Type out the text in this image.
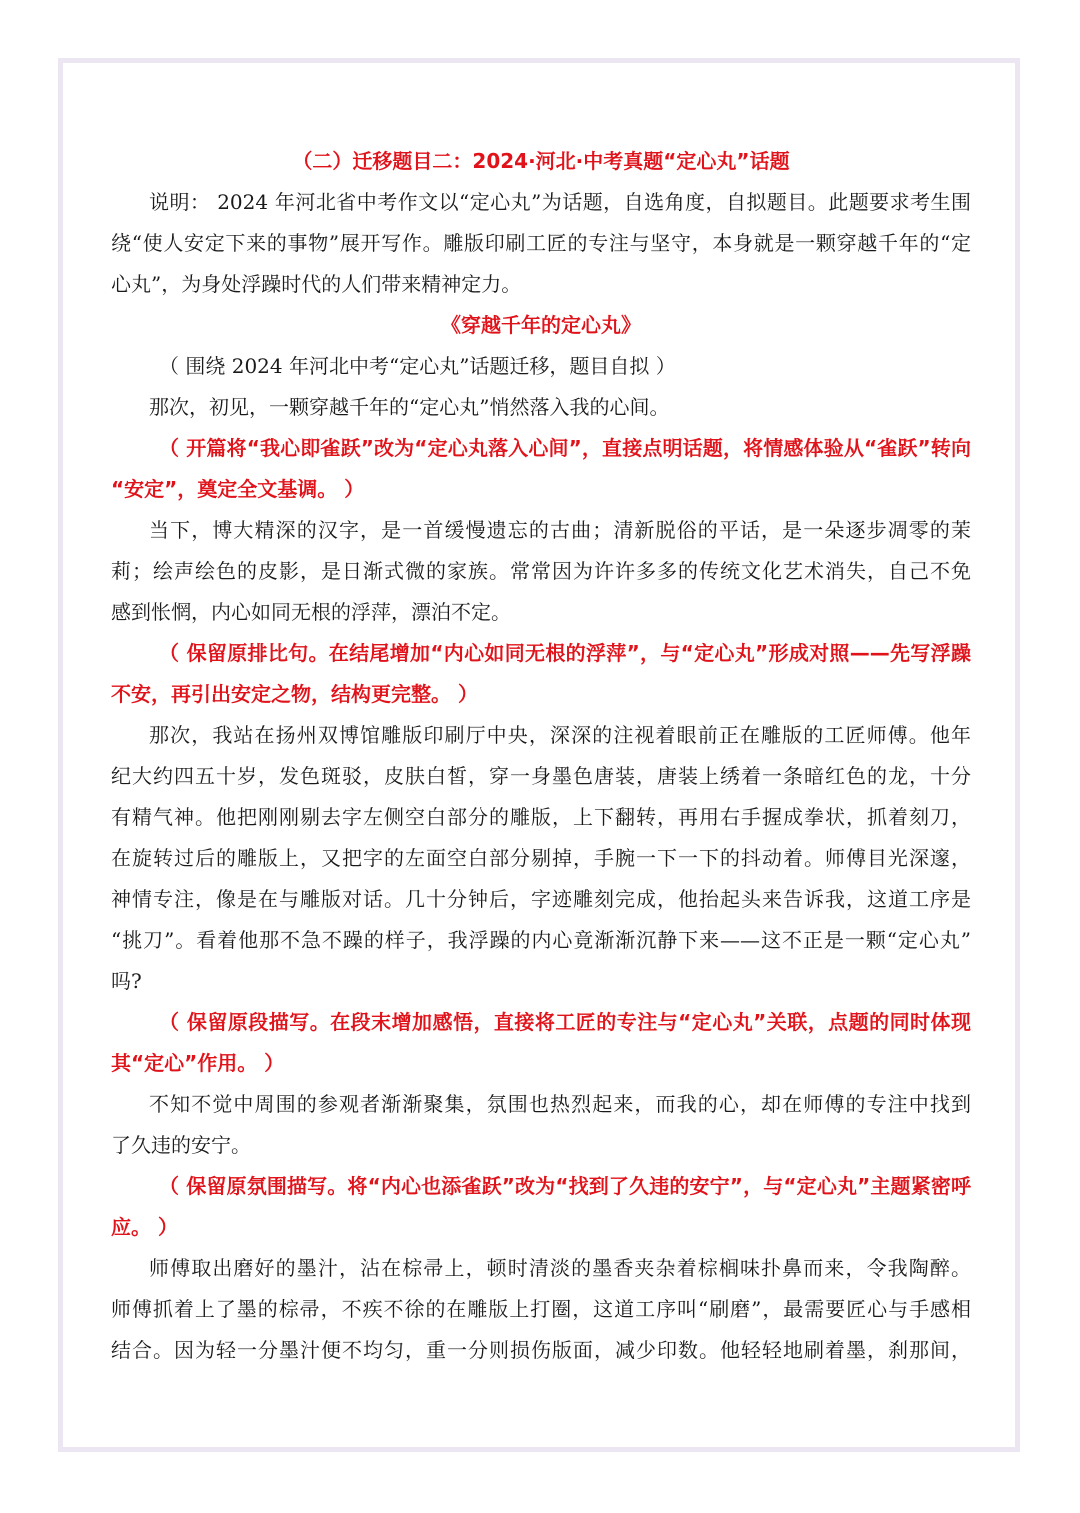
（二）迁移题目二：2024·河北·中考真题“定心丸”话题
说明： 2024 年河北省中考作文以“定心丸”为话题，自选角度，自拟题目。此题要求考生围
绕“使人安定下来的事物”展开写作。雕版印刷工匠的专注与坚守，本身就是一颗穿越千年的“定
心丸”，为身处浮躁时代的人们带来精神定力。
《穿越千年的定心丸》
（ 围绕 2024 年河北中考“定心丸”话题迁移，题目自拟 ）
那次，初见，一颗穿越千年的“定心丸”悄然落入我的心间。
（ 开篇将“我心即雀跃”改为“定心丸落入心间”，直接点明话题，将情感体验从“雀跃”转向
“安定”，奠定全文基调。 ）
当下，博大精深的汉字，是一首缓慢遗忘的古曲；清新脱俗的平话，是一朵逐步凋零的茉
莉；绘声绘色的皮影，是日渐式微的家族。常常因为许许多多的传统文化艺术消失，自己不免
感到怅惘，内心如同无根的浮萍，漂泊不定。
（ 保留原排比句。在结尾增加“内心如同无根的浮萍”，与“定心丸”形成对照——先写浮躁
不安，再引出安定之物，结构更完整。 ）
那次，我站在扬州双博馆雕版印刷厅中央，深深的注视着眼前正在雕版的工匠师傅。他年
纪大约四五十岁，发色斑驳，皮肤白皙，穿一身墨色唐装，唐装上绣着一条暗红色的龙，十分
有精气神。他把刚刚剔去字左侧空白部分的雕版，上下翻转，再用右手握成拳状，抓着刻刀，
在旋转过后的雕版上，又把字的左面空白部分剔掉，手腕一下一下的抖动着。师傅目光深邃，
神情专注，像是在与雕版对话。几十分钟后，字迹雕刻完成，他抬起头来告诉我，这道工序是
“挑刀”。看着他那不急不躁的样子，我浮躁的内心竟渐渐沉静下来——这不正是一颗“定心丸”
吗?
（ 保留原段描写。在段末增加感悟，直接将工匠的专注与“定心丸”关联，点题的同时体现
其“定心”作用。 ）
不知不觉中周围的参观者渐渐聚集，氛围也热烈起来，而我的心，却在师傅的专注中找到
了久违的安宁。
（ 保留原氛围描写。将“内心也添雀跃”改为“找到了久违的安宁”，与“定心丸”主题紧密呼
应。 ）
师傅取出磨好的墨汁，沾在棕帚上，顿时清淡的墨香夹杂着棕榈味扑鼻而来，令我陶醉。
师傅抓着上了墨的棕帚，不疾不徐的在雕版上打圈，这道工序叫“刷磨”，最需要匠心与手感相
结合。因为轻一分墨汁便不均匀，重一分则损伤版面，减少印数。他轻轻地刷着墨，刹那间，
